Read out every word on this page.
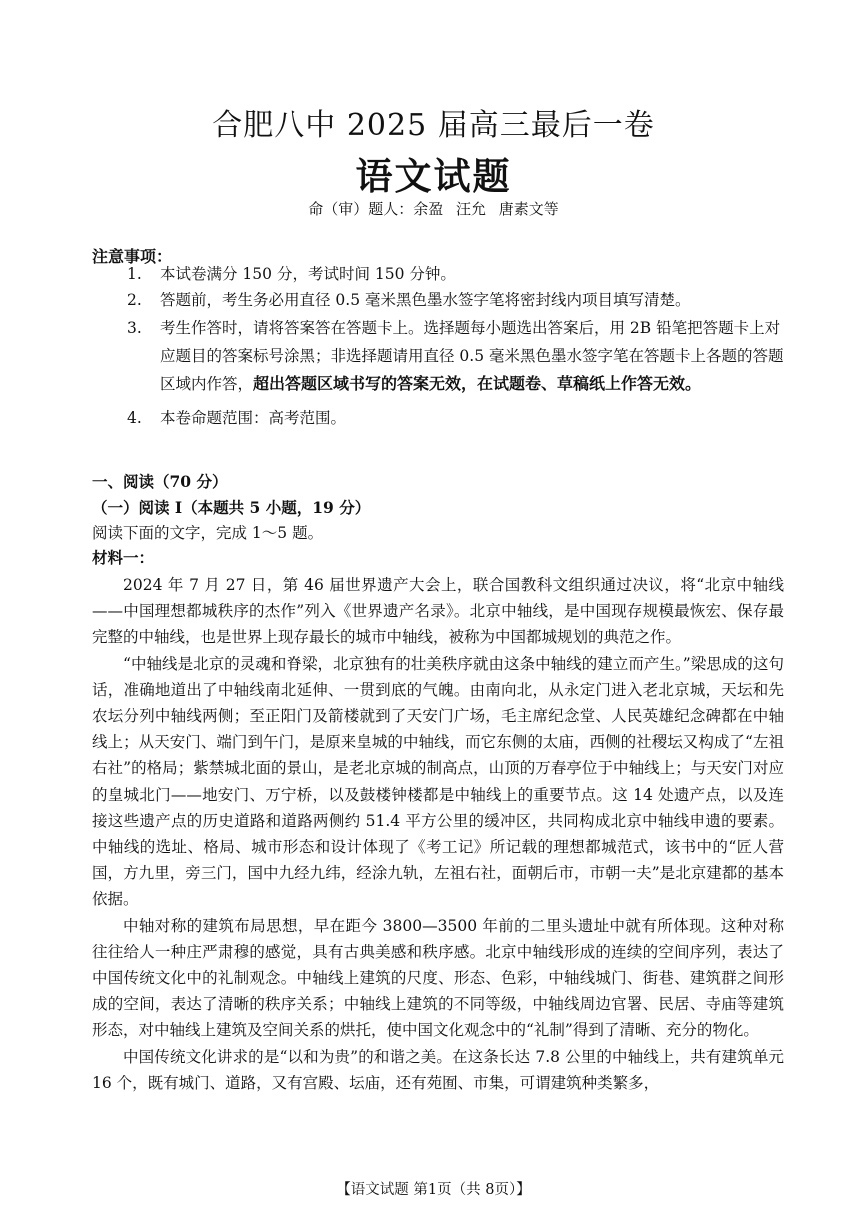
合肥八中 2025 届高三最后一卷
语文试题
命（审）题人：余盈 汪允 唐素文等
注意事项：
1.	本试卷满分 150 分，考试时间 150 分钟。
2.	答题前，考生务必用直径 0.5 毫米黑色墨水签字笔将密封线内项目填写清楚。
3.	考生作答时，请将答案答在答题卡上。选择题每小题选出答案后，用 2B 铅笔把答题卡上对应题目的答案标号涂黑；非选择题请用直径 0.5 毫米黑色墨水签字笔在答题卡上各题的答题区域内作答，超出答题区域书写的答案无效，在试题卷、草稿纸上作答无效。
4.	本卷命题范围：高考范围。
一、阅读（70 分）
（一）阅读 I（本题共 5 小题，19 分）
阅读下面的文字，完成 1～5 题。
材料一：

2024 年 7 月 27 日，第 46 届世界遗产大会上，联合国教科文组织通过决议，将“北京中轴线——中国理想都城秩序的杰作”列入《世界遗产名录》。北京中轴线，是中国现存规模最恢宏、保存最完整的中轴线，也是世界上现存最长的城市中轴线，被称为中国都城规划的典范之作。

“中轴线是北京的灵魂和脊梁，北京独有的壮美秩序就由这条中轴线的建立而产生。”梁思成的这句话，准确地道出了中轴线南北延伸、一贯到底的气魄。由南向北，从永定门进入老北京城，天坛和先农坛分列中轴线两侧；至正阳门及箭楼就到了天安门广场，毛主席纪念堂、人民英雄纪念碑都在中轴线上；从天安门、端门到午门，是原来皇城的中轴线，而它东侧的太庙，西侧的社稷坛又构成了“左祖右社”的格局；紫禁城北面的景山，是老北京城的制高点，山顶的万春亭位于中轴线上；与天安门对应的皇城北门——地安门、万宁桥，以及鼓楼钟楼都是中轴线上的重要节点。这 14 处遗产点，以及连接这些遗产点的历史道路和道路两侧约 51.4 平方公里的缓冲区，共同构成北京中轴线申遗的要素。中轴线的选址、格局、城市形态和设计体现了《考工记》所记载的理想都城范式，该书中的“匠人营国，方九里，旁三门，国中九经九纬，经涂九轨，左祖右社，面朝后市，市朝一夫”是北京建都的基本依据。

中轴对称的建筑布局思想，早在距今 3800—3500 年前的二里头遗址中就有所体现。这种对称往往给人一种庄严肃穆的感觉，具有古典美感和秩序感。北京中轴线形成的连续的空间序列，表达了中国传统文化中的礼制观念。中轴线上建筑的尺度、形态、色彩，中轴线城门、街巷、建筑群之间形成的空间，表达了清晰的秩序关系；中轴线上建筑的不同等级，中轴线周边官署、民居、寺庙等建筑形态，对中轴线上建筑及空间关系的烘托，使中国文化观念中的“礼制”得到了清晰、充分的物化。

中国传统文化讲求的是“以和为贵”的和谐之美。在这条长达 7.8 公里的中轴线上，共有建筑单元 16 个，既有城门、道路，又有宫殿、坛庙，还有苑囿、市集，可谓建筑种类繁多，

【语文试题 第1页（共 8页）】
